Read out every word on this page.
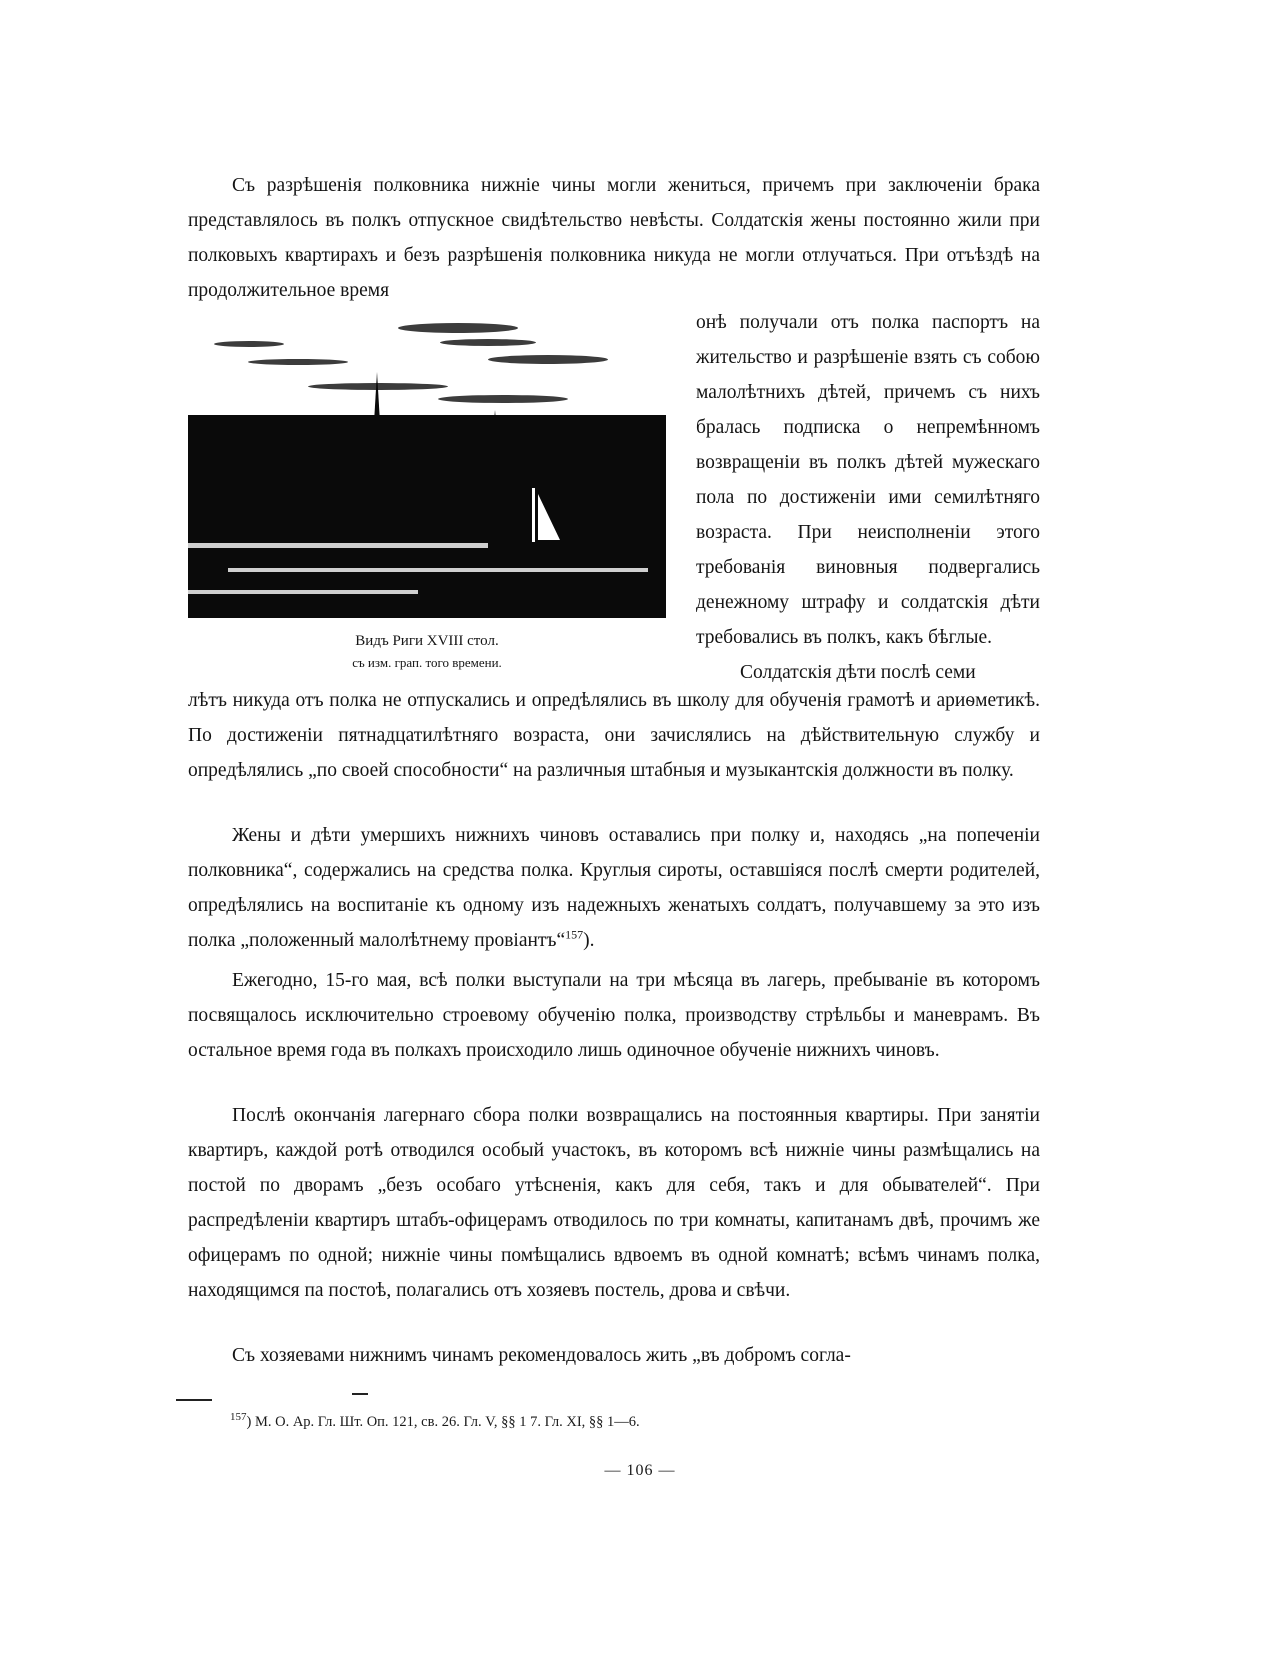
Съ разрѣшенія полковника нижніе чины могли жениться, причемъ при заключеніи брака представлялось въ полкъ отпускное свидѣтельство невѣсты. Солдатскія жены постоянно жили при полковыхъ квартирахъ и безъ разрѣшенія полковника никуда не могли отлучаться. При отъѣздѣ на продолжительное время

Видъ Риги XVIII стол.
съ изм. грап. того времени.

онѣ получали отъ полка паспортъ на жительство и разрѣшеніе взять съ собою малолѣтнихъ дѣтей, причемъ съ нихъ бралась подписка о непремѣнномъ возвращеніи въ полкъ дѣтей мужескаго пола по достиженіи ими семилѣтняго возраста. При неисполненіи этого требованія виновныя подвергались денежному штрафу и солдатскія дѣти требовались въ полкъ, какъ бѣглые.

Солдатскія дѣти послѣ семи

лѣтъ никуда отъ полка не отпускались и опредѣлялись въ школу для обученія грамотѣ и ариѳметикѣ. По достиженіи пятнадцатилѣтняго возраста, они зачислялись на дѣйствительную службу и опредѣлялись „по своей способности“ на различныя штабныя и музыкантскія должности въ полку.

Жены и дѣти умершихъ нижнихъ чиновъ оставались при полку и, находясь „на попеченіи полковника“, содержались на средства полка. Круглыя сироты, оставшіяся послѣ смерти родителей, опредѣлялись на воспитаніе къ одному изъ надежныхъ женатыхъ солдатъ, получавшему за это изъ полка „положенный малолѣтнему провіантъ“$^{157}$).

Ежегодно, 15-го мая, всѣ полки выступали на три мѣсяца въ лагерь, пребываніе въ которомъ посвящалось исключительно строевому обученію полка, производству стрѣльбы и маневрамъ. Въ остальное время года въ полкахъ происходило лишь одиночное обученіе нижнихъ чиновъ.

Послѣ окончанія лагернаго сбора полки возвращались на постоянныя квартиры. При занятіи квартиръ, каждой ротѣ отводился особый участокъ, въ которомъ всѣ нижніе чины размѣщались на постой по дворамъ „безъ особаго утѣсненія, какъ для себя, такъ и для обывателей“. При распредѣленіи квартиръ штабъ-офицерамъ отводилось по три комнаты, капитанамъ двѣ, прочимъ же офицерамъ по одной; нижніе чины помѣщались вдвоемъ въ одной комнатѣ; всѣмъ чинамъ полка, находящимся па постоѣ, полагались отъ хозяевъ постель, дрова и свѣчи.

Съ хозяевами нижнимъ чинамъ рекомендовалось жить „въ добромъ согла-

$^{157}$) М. О. Ар. Гл. Шт. Оп. 121, св. 26. Гл. V, §§ 1 7. Гл. XI, §§ 1—6.
— 106 —
